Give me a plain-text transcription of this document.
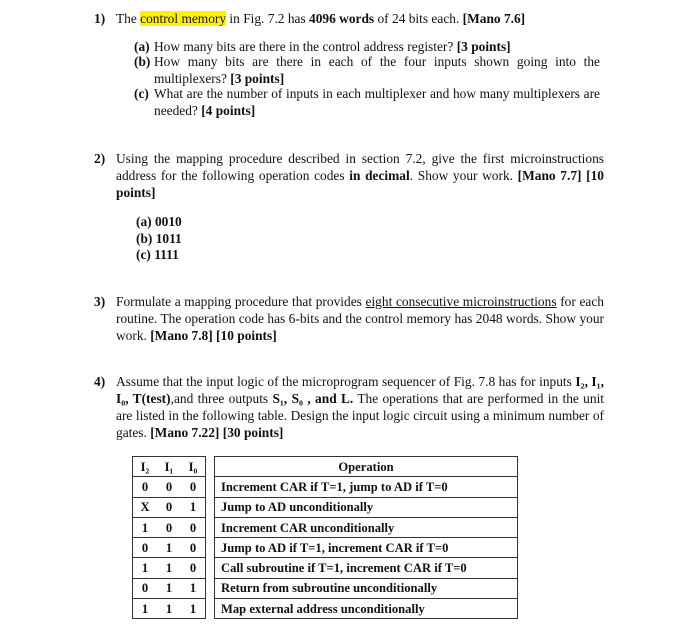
1) The control memory in Fig. 7.2 has 4096 words of 24 bits each. [Mano 7.6]
(a) How many bits are there in the control address register? [3 points]
(b) How many bits are there in each of the four inputs shown going into the multiplexers? [3 points]
(c) What are the number of inputs in each multiplexer and how many multiplexers are needed? [4 points]
2) Using the mapping procedure described in section 7.2, give the first microinstructions address for the following operation codes in decimal. Show your work. [Mano 7.7] [10 points]
(a) 0010
(b) 1011
(c) 1111
3) Formulate a mapping procedure that provides eight consecutive microinstructions for each routine. The operation code has 6-bits and the control memory has 2048 words. Show your work. [Mano 7.8] [10 points]
4) Assume that the input logic of the microprogram sequencer of Fig. 7.8 has for inputs I₂, I₁, I₀, T(test),and three outputs S₁, S₀ , and L. The operations that are performed in the unit are listed in the following table. Design the input logic circuit using a minimum number of gates. [Mano 7.22] [30 points]
I₂	I₁	I₀		Operation
0	0	0		Increment CAR if T=1, jump to AD if T=0
X	0	1		Jump to AD unconditionally
1	0	0		Increment CAR unconditionally
0	1	0		Jump to AD if T=1, increment CAR if T=0
1	1	0		Call subroutine if T=1, increment CAR if T=0
0	1	1		Return from subroutine unconditionally
1	1	1		Map external address unconditionally
